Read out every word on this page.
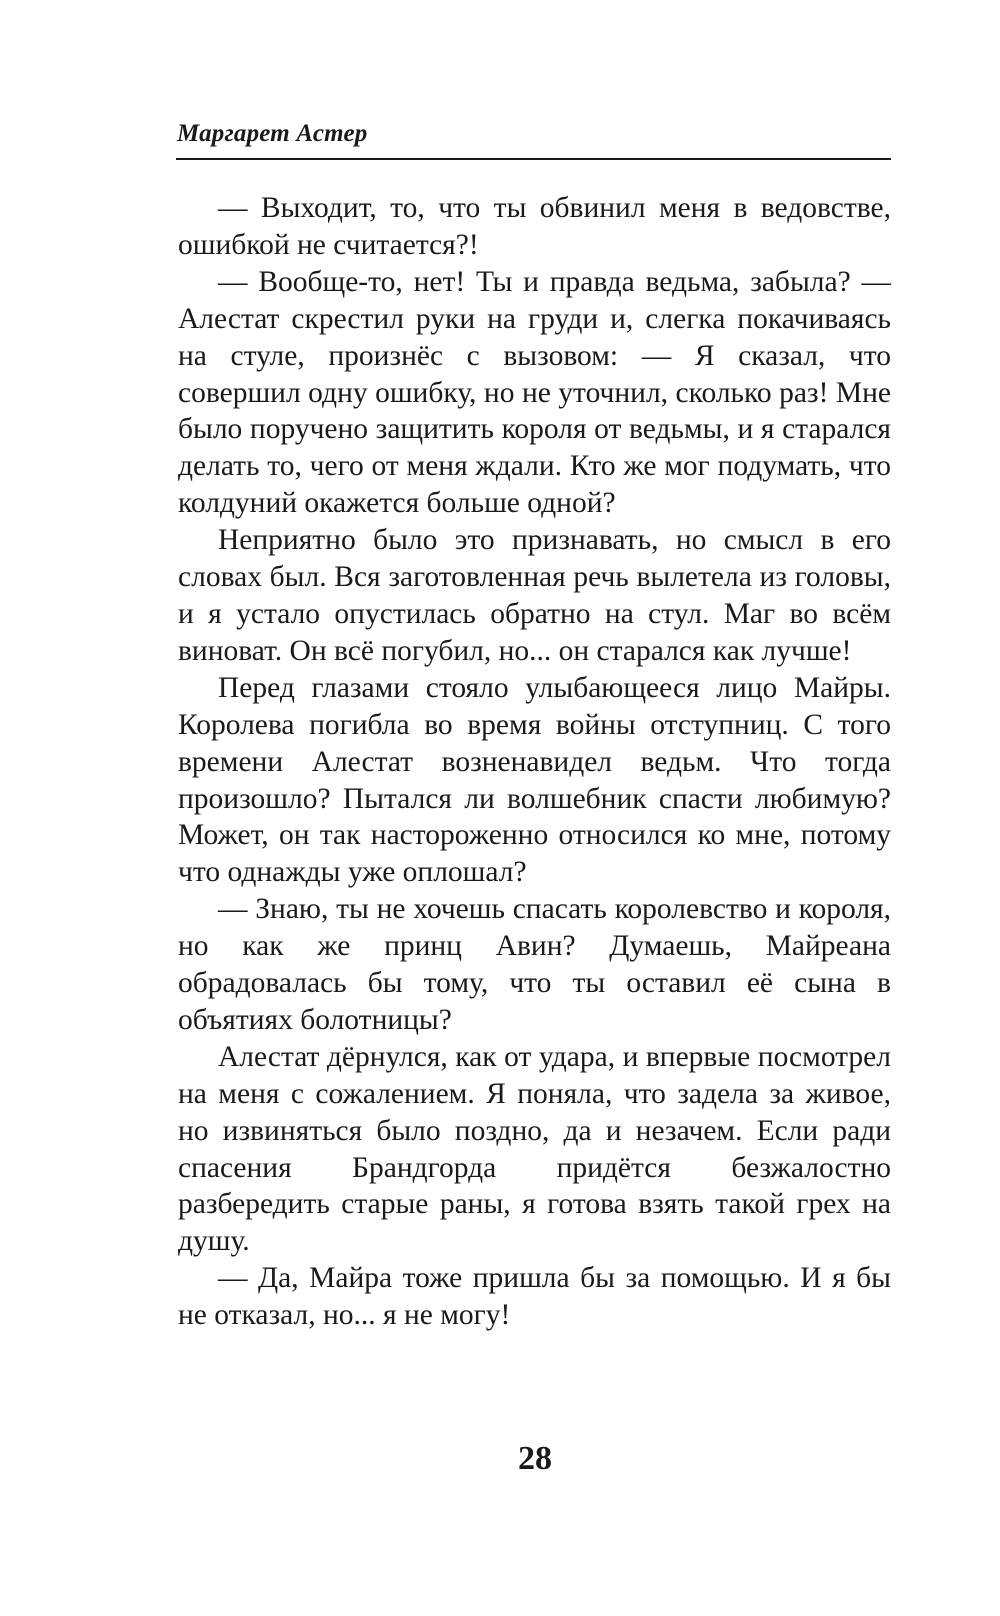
Маргарет Астер

— Выходит, то, что ты обвинил меня в ведовстве, ошибкой не считается?!

— Вообще-то, нет! Ты и правда ведьма, забыла? — Алестат скрестил руки на груди и, слегка покачиваясь на стуле, произнёс с вызовом: — Я сказал, что совершил одну ошибку, но не уточнил, сколько раз! Мне было поручено защитить короля от ведьмы, и я старался делать то, чего от меня ждали. Кто же мог подумать, что колдуний окажется больше одной?

Неприятно было это признавать, но смысл в его словах был. Вся заготовленная речь вылетела из головы, и я устало опустилась обратно на стул. Маг во всём виноват. Он всё погубил, но... он старался как лучше!

Перед глазами стояло улыбающееся лицо Майры. Королева погибла во время войны отступниц. С того времени Алестат возненавидел ведьм. Что тогда произошло? Пытался ли волшебник спасти любимую? Может, он так настороженно относился ко мне, потому что однажды уже оплошал?

— Знаю, ты не хочешь спасать королевство и короля, но как же принц Авин? Думаешь, Майреана обрадовалась бы тому, что ты оставил её сына в объятиях болотницы?

Алестат дёрнулся, как от удара, и впервые посмотрел на меня с сожалением. Я поняла, что задела за живое, но извиняться было поздно, да и незачем. Если ради спасения Брандгорда придётся безжалостно разбередить старые раны, я готова взять такой грех на душу.

— Да, Майра тоже пришла бы за помощью. И я бы не отказал, но... я не могу!

28
